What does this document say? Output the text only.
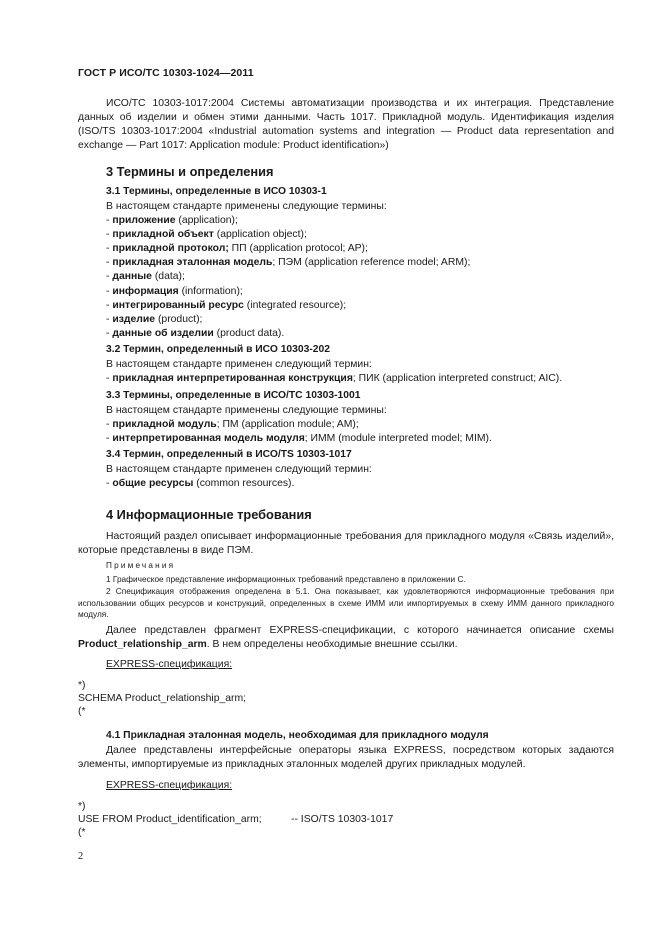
ГОСТ Р ИСО/ТС 10303-1024—2011
ИСО/ТС 10303-1017:2004 Системы автоматизации производства и их интеграция. Представление данных об изделии и обмен этими данными. Часть 1017. Прикладной модуль. Идентификация изделия (ISO/TS 10303-1017:2004 «Industrial automation systems and integration — Product data representation and exchange — Part 1017: Application module: Product identification»)
3 Термины и определения
3.1 Термины, определенные в ИСО 10303-1
В настоящем стандарте применены следующие термины:
- приложение (application);
- прикладной объект (application object);
- прикладной протокол; ПП (application protocol; AP);
- прикладная эталонная модель; ПЭМ (application reference model; ARM);
- данные (data);
- информация (information);
- интегрированный ресурс (integrated resource);
- изделие (product);
- данные об изделии (product data).
3.2 Термин, определенный в ИСО 10303-202
В настоящем стандарте применен следующий термин:
- прикладная интерпретированная конструкция; ПИК (application interpreted construct; AIC).
3.3 Термины, определенные в ИСО/ТС 10303-1001
В настоящем стандарте применены следующие термины:
- прикладной модуль; ПМ (application module; AM);
- интерпретированная модель модуля; ИММ (module interpreted model; MIM).
3.4 Термин, определенный в ИСО/TS 10303-1017
В настоящем стандарте применен следующий термин:
- общие ресурсы (common resources).
4 Информационные требования
Настоящий раздел описывает информационные требования для прикладного модуля «Связь изделий», которые представлены в виде ПЭМ.
Примечания
1 Графическое представление информационных требований представлено в приложении С.
2 Спецификация отображения определена в 5.1. Она показывает, как удовлетворяются информационные требования при использовании общих ресурсов и конструкций, определенных в схеме ИММ или импортируемых в схему ИММ данного прикладного модуля.
Далее представлен фрагмент EXPRESS-спецификации, с которого начинается описание схемы Product_relationship_arm. В нем определены необходимые внешние ссылки.
EXPRESS-спецификация:
*)
SCHEMA Product_relationship_arm;
(*
4.1 Прикладная эталонная модель, необходимая для прикладного модуля
Далее представлены интерфейсные операторы языка EXPRESS, посредством которых задаются элементы, импортируемые из прикладных эталонных моделей других прикладных модулей.
EXPRESS-спецификация:
*)
USE FROM Product_identification_arm;	-- ISO/TS 10303-1017
(*
2
